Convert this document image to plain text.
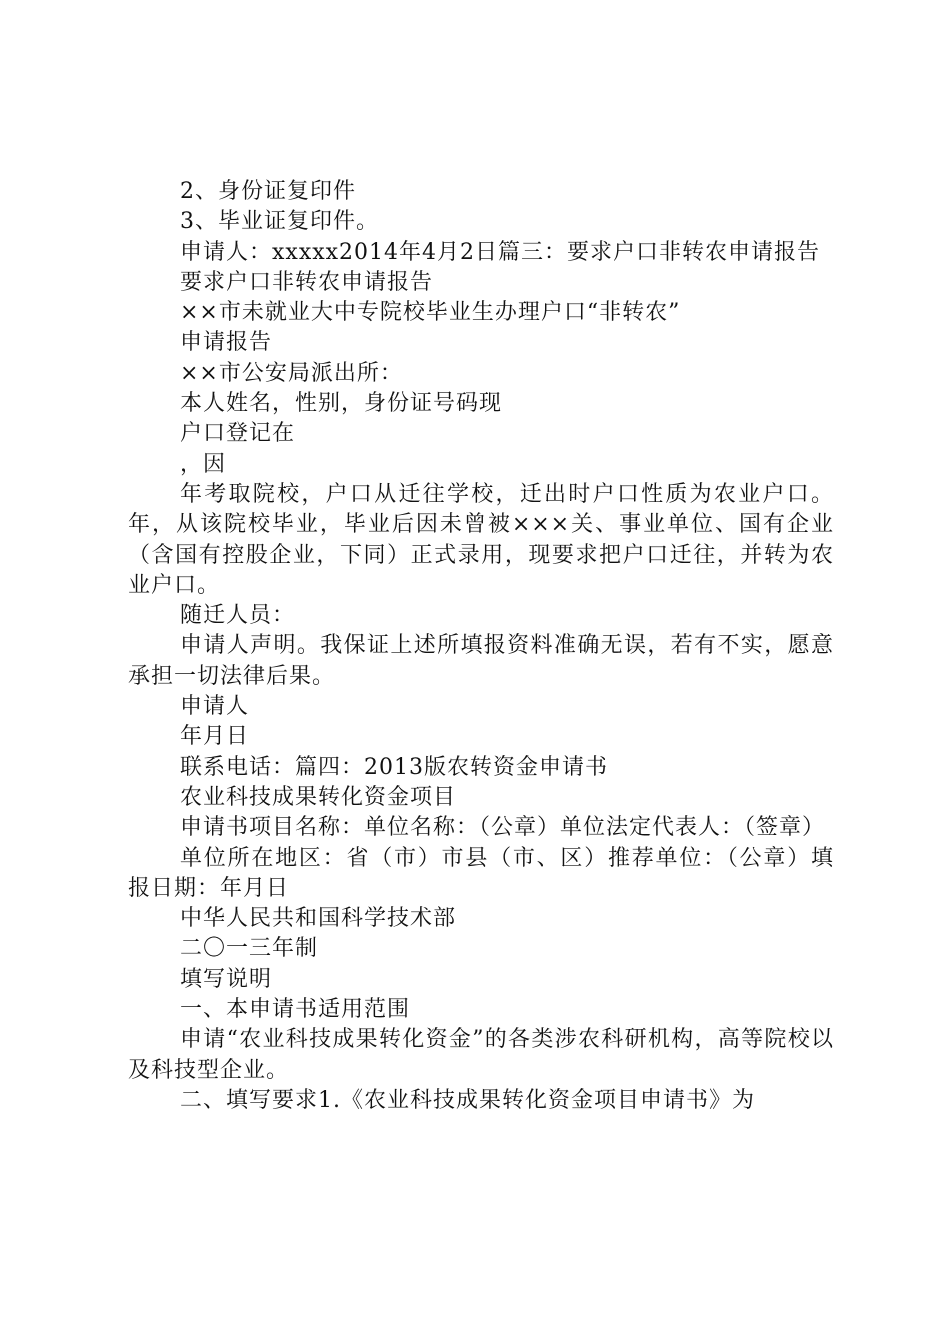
2、身份证复印件

3、毕业证复印件。

申请人：xxxxx2014年4月2日篇三：要求户口非转农申请报告

要求户口非转农申请报告

××市未就业大中专院校毕业生办理户口“非转农”

申请报告

××市公安局派出所：

本人姓名，性别，身份证号码现

户口登记在

，因

年考取院校，户口从迁往学校，迁出时户口性质为农业户口。年，从该院校毕业，毕业后因未曾被×××关、事业单位、国有企业（含国有控股企业，下同）正式录用，现要求把户口迁往，并转为农业户口。

随迁人员：

申请人声明。我保证上述所填报资料准确无误，若有不实，愿意承担一切法律后果。

申请人

年月日

联系电话：篇四：2013版农转资金申请书

农业科技成果转化资金项目

申请书项目名称：单位名称：（公章）单位法定代表人：（签章）

单位所在地区：省（市）市县（市、区）推荐单位：（公章）填报日期：年月日

中华人民共和国科学技术部

二〇一三年制

填写说明

一、本申请书适用范围

申请“农业科技成果转化资金”的各类涉农科研机构，高等院校以及科技型企业。

二、填写要求1.《农业科技成果转化资金项目申请书》为
